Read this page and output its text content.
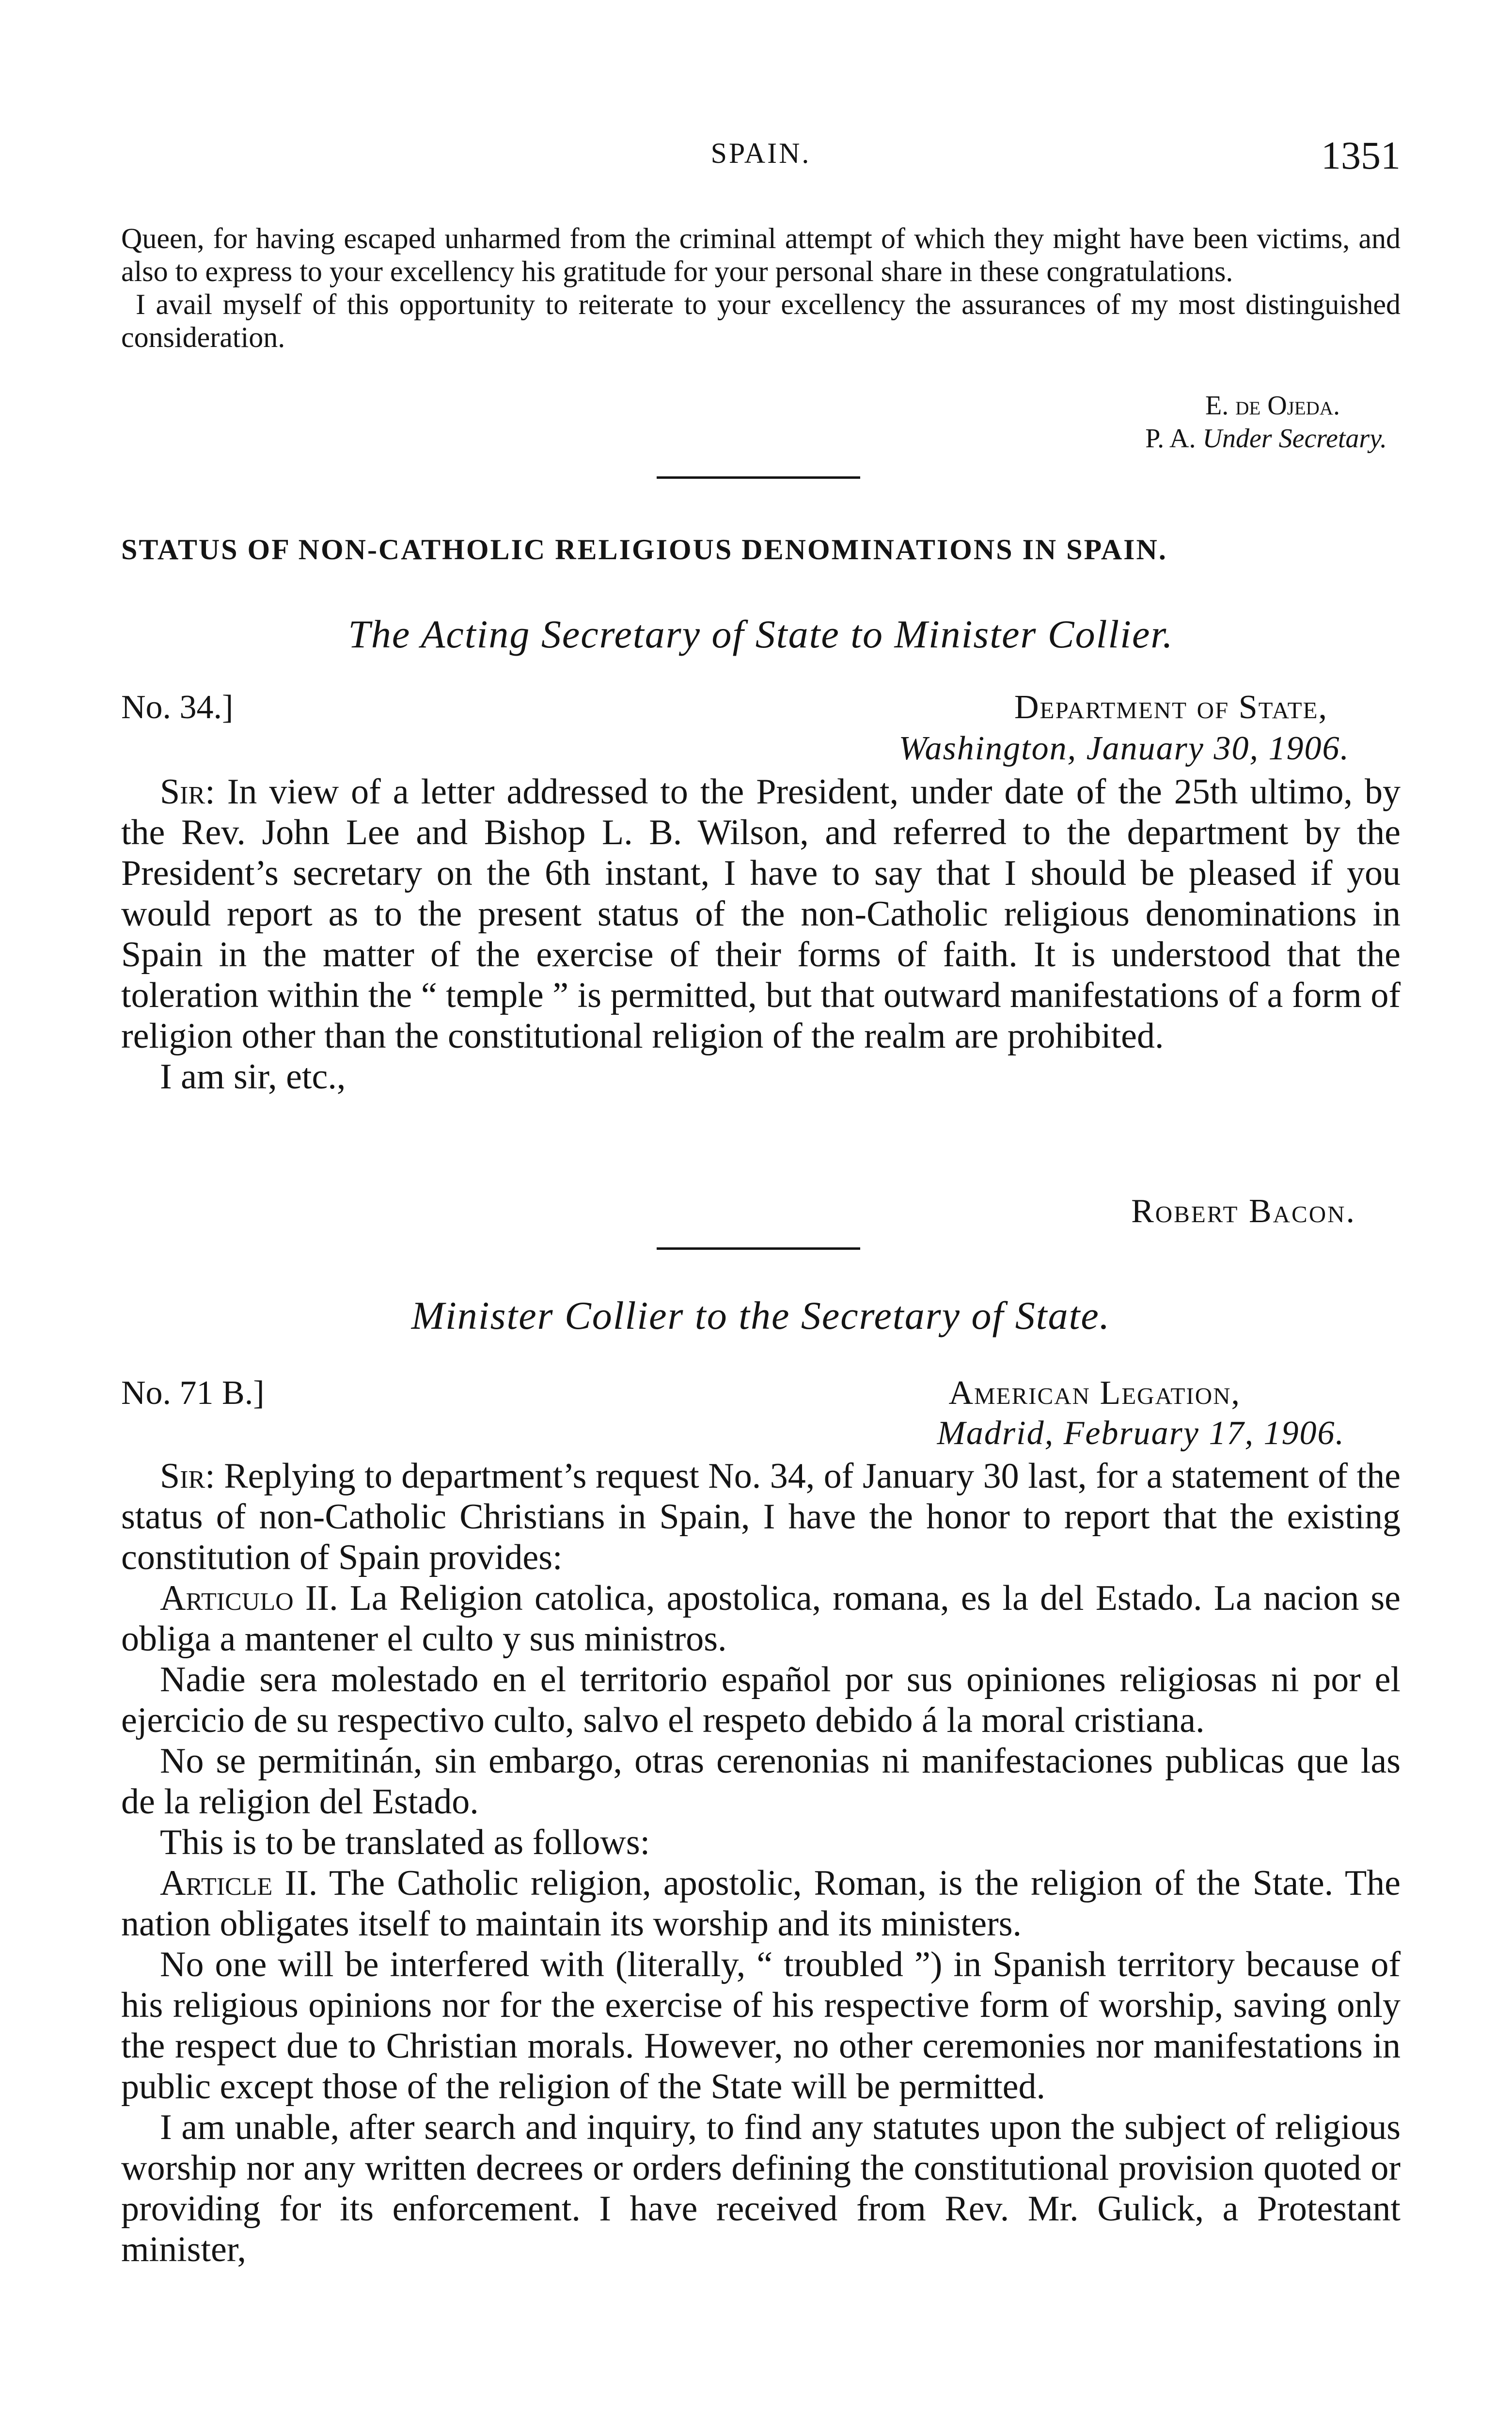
SPAIN.	1351

Queen, for having escaped unharmed from the criminal attempt of which they might have been victims, and also to express to your excellency his gratitude for your personal share in these congratulations.

I avail myself of this opportunity to reiterate to your excellency the assurances of my most distinguished consideration.

E. de Ojeda.
P. A. Under Secretary.
STATUS OF NON-CATHOLIC RELIGIOUS DENOMINATIONS IN SPAIN.
The Acting Secretary of State to Minister Collier.
No. 34.]	Department of State,
Washington, January 30, 1906.

Sir: In view of a letter addressed to the President, under date of the 25th ultimo, by the Rev. John Lee and Bishop L. B. Wilson, and referred to the department by the President’s secretary on the 6th instant, I have to say that I should be pleased if you would report as to the present status of the non-Catholic religious denominations in Spain in the matter of the exercise of their forms of faith. It is understood that the toleration within the “ temple ” is permitted, but that outward manifestations of a form of religion other than the constitutional religion of the realm are prohibited.

I am sir, etc.,

Robert Bacon.
Minister Collier to the Secretary of State.
No. 71 B.]	American Legation,
Madrid, February 17, 1906.

Sir: Replying to department’s request No. 34, of January 30 last, for a statement of the status of non-Catholic Christians in Spain, I have the honor to report that the existing constitution of Spain provides:

Articulo II. La Religion catolica, apostolica, romana, es la del Estado. La nacion se obliga a mantener el culto y sus ministros.

Nadie sera molestado en el territorio español por sus opiniones religiosas ni por el ejercicio de su respectivo culto, salvo el respeto debido á la moral cristiana.

No se permitinán, sin embargo, otras cerenonias ni manifestaciones publicas que las de la religion del Estado.

This is to be translated as follows:

Article II. The Catholic religion, apostolic, Roman, is the religion of the State. The nation obligates itself to maintain its worship and its ministers.

No one will be interfered with (literally, “ troubled ”) in Spanish territory because of his religious opinions nor for the exercise of his respective form of worship, saving only the respect due to Christian morals. However, no other ceremonies nor manifestations in public except those of the religion of the State will be permitted.

I am unable, after search and inquiry, to find any statutes upon the subject of religious worship nor any written decrees or orders defining the constitutional provision quoted or providing for its enforcement. I have received from Rev. Mr. Gulick, a Protestant minister,
